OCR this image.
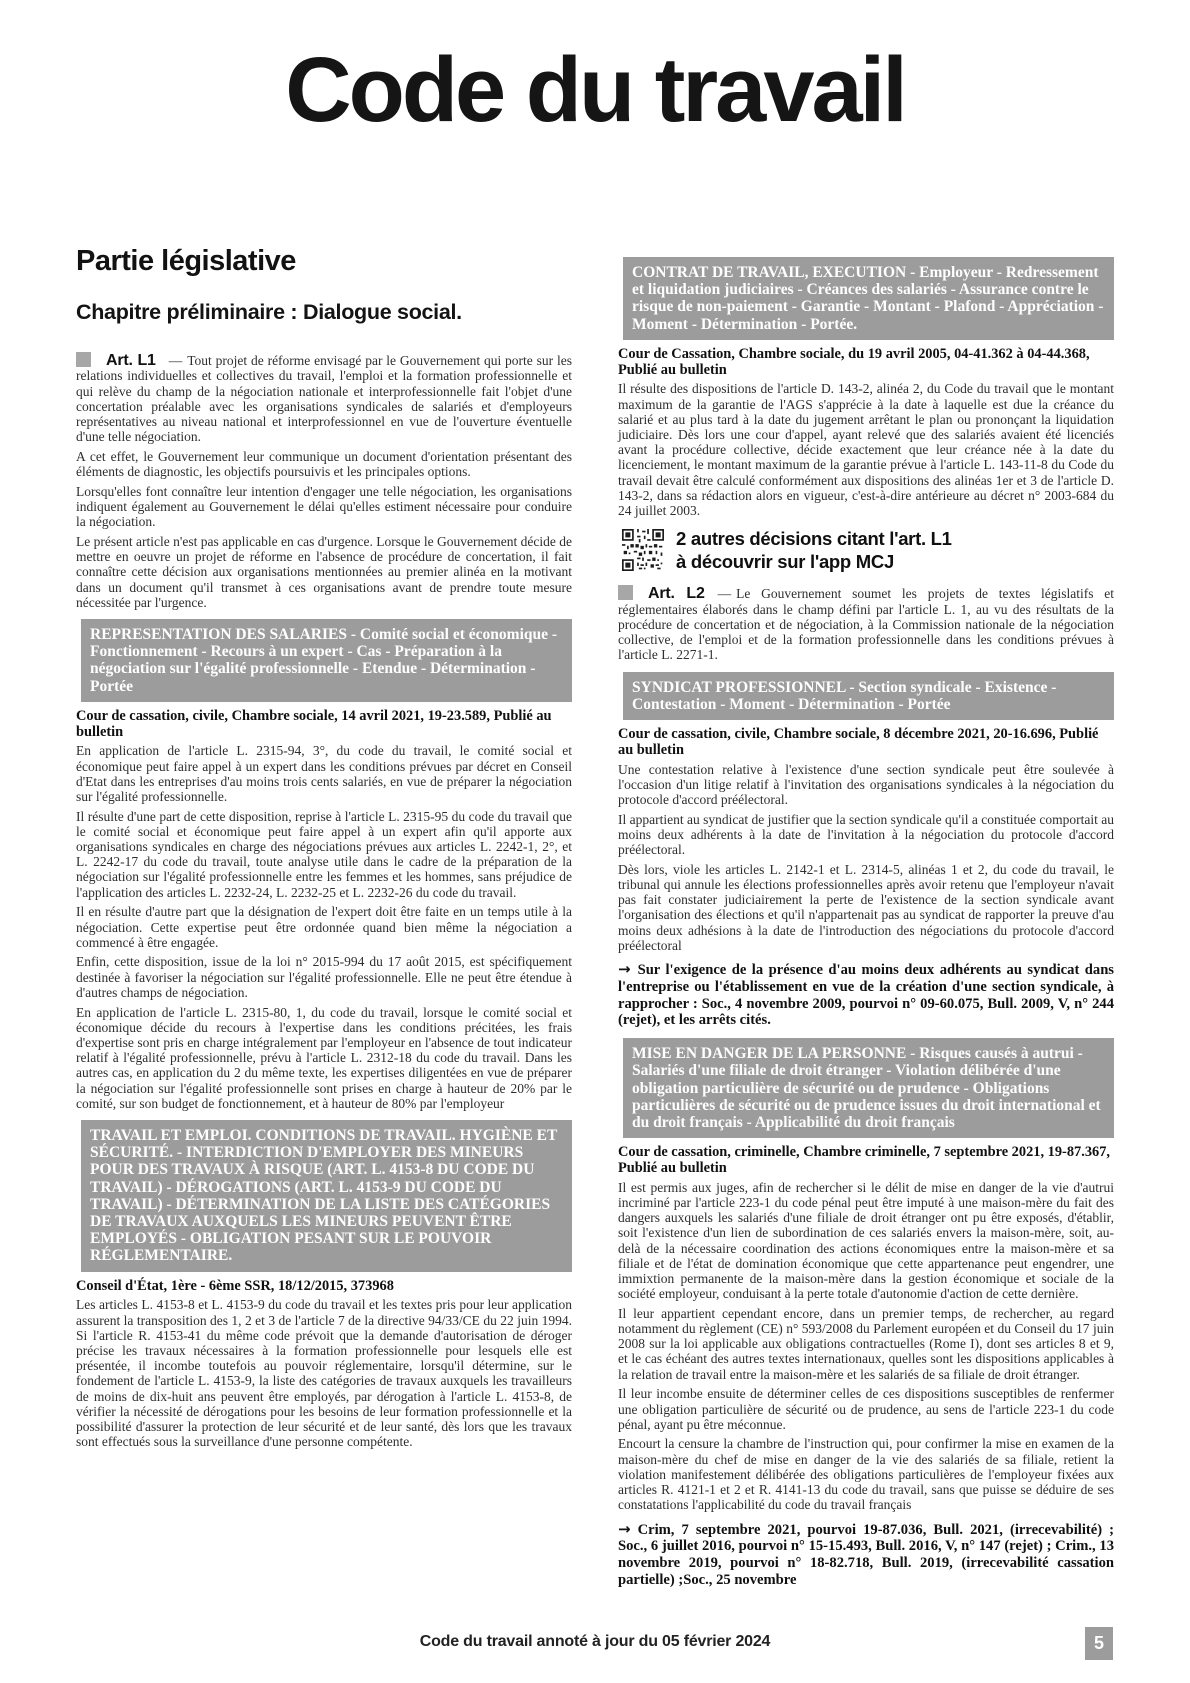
Code du travail
Partie législative
Chapitre préliminaire : Dialogue social.

Art. L1 — Tout projet de réforme envisagé par le Gouvernement qui porte sur les relations individuelles et collectives du travail, l'emploi et la formation professionnelle et qui relève du champ de la négociation nationale et interprofessionnelle fait l'objet d'une concertation préalable avec les organisations syndicales de salariés et d'employeurs représentatives au niveau national et interprofessionnel en vue de l'ouverture éventuelle d'une telle négociation.

A cet effet, le Gouvernement leur communique un document d'orientation présentant des éléments de diagnostic, les objectifs poursuivis et les principales options.

Lorsqu'elles font connaître leur intention d'engager une telle négociation, les organisations indiquent également au Gouvernement le délai qu'elles estiment nécessaire pour conduire la négociation.

Le présent article n'est pas applicable en cas d'urgence. Lorsque le Gouvernement décide de mettre en oeuvre un projet de réforme en l'absence de procédure de concertation, il fait connaître cette décision aux organisations mentionnées au premier alinéa en la motivant dans un document qu'il transmet à ces organisations avant de prendre toute mesure nécessitée par l'urgence.

REPRESENTATION DES SALARIES - Comité social et économique - Fonctionnement - Recours à un expert - Cas - Préparation à la négociation sur l'égalité professionnelle - Etendue - Détermination - Portée

Cour de cassation, civile, Chambre sociale, 14 avril 2021, 19-23.589, Publié au bulletin

En application de l'article L. 2315-94, 3°, du code du travail, le comité social et économique peut faire appel à un expert dans les conditions prévues par décret en Conseil d'Etat dans les entreprises d'au moins trois cents salariés, en vue de préparer la négociation sur l'égalité professionnelle.

Il résulte d'une part de cette disposition, reprise à l'article L. 2315-95 du code du travail que le comité social et économique peut faire appel à un expert afin qu'il apporte aux organisations syndicales en charge des négociations prévues aux articles L. 2242-1, 2°, et L. 2242-17 du code du travail, toute analyse utile dans le cadre de la préparation de la négociation sur l'égalité professionnelle entre les femmes et les hommes, sans préjudice de l'application des articles L. 2232-24, L. 2232-25 et L. 2232-26 du code du travail.

Il en résulte d'autre part que la désignation de l'expert doit être faite en un temps utile à la négociation. Cette expertise peut être ordonnée quand bien même la négociation a commencé à être engagée.

Enfin, cette disposition, issue de la loi n° 2015-994 du 17 août 2015, est spécifiquement destinée à favoriser la négociation sur l'égalité professionnelle. Elle ne peut être étendue à d'autres champs de négociation.

En application de l'article L. 2315-80, 1, du code du travail, lorsque le comité social et économique décide du recours à l'expertise dans les conditions précitées, les frais d'expertise sont pris en charge intégralement par l'employeur en l'absence de tout indicateur relatif à l'égalité professionnelle, prévu à l'article L. 2312-18 du code du travail. Dans les autres cas, en application du 2 du même texte, les expertises diligentées en vue de préparer la négociation sur l'égalité professionnelle sont prises en charge à hauteur de 20% par le comité, sur son budget de fonctionnement, et à hauteur de 80% par l'employeur

TRAVAIL ET EMPLOI. CONDITIONS DE TRAVAIL. HYGIÈNE ET SÉCURITÉ. - INTERDICTION D'EMPLOYER DES MINEURS POUR DES TRAVAUX À RISQUE (ART. L. 4153-8 DU CODE DU TRAVAIL) - DÉROGATIONS (ART. L. 4153-9 DU CODE DU TRAVAIL) - DÉTERMINATION DE LA LISTE DES CATÉGORIES DE TRAVAUX AUXQUELS LES MINEURS PEUVENT ÊTRE EMPLOYÉS - OBLIGATION PESANT SUR LE POUVOIR RÉGLEMENTAIRE.

Conseil d'État, 1ère - 6ème SSR, 18/12/2015, 373968

Les articles L. 4153-8 et L. 4153-9 du code du travail et les textes pris pour leur application assurent la transposition des 1, 2 et 3 de l'article 7 de la directive 94/33/CE du 22 juin 1994. Si l'article R. 4153-41 du même code prévoit que la demande d'autorisation de déroger précise les travaux nécessaires à la formation professionnelle pour lesquels elle est présentée, il incombe toutefois au pouvoir réglementaire, lorsqu'il détermine, sur le fondement de l'article L. 4153-9, la liste des catégories de travaux auxquels les travailleurs de moins de dix-huit ans peuvent être employés, par dérogation à l'article L. 4153-8, de vérifier la nécessité de dérogations pour les besoins de leur formation professionnelle et la possibilité d'assurer la protection de leur sécurité et de leur santé, dès lors que les travaux sont effectués sous la surveillance d'une personne compétente.

CONTRAT DE TRAVAIL, EXECUTION - Employeur - Redressement et liquidation judiciaires - Créances des salariés - Assurance contre le risque de non-paiement - Garantie - Montant - Plafond - Appréciation - Moment - Détermination - Portée.

Cour de Cassation, Chambre sociale, du 19 avril 2005, 04-41.362 à 04-44.368, Publié au bulletin

Il résulte des dispositions de l'article D. 143-2, alinéa 2, du Code du travail que le montant maximum de la garantie de l'AGS s'apprécie à la date à laquelle est due la créance du salarié et au plus tard à la date du jugement arrêtant le plan ou prononçant la liquidation judiciaire. Dès lors une cour d'appel, ayant relevé que des salariés avaient été licenciés avant la procédure collective, décide exactement que leur créance née à la date du licenciement, le montant maximum de la garantie prévue à l'article L. 143-11-8 du Code du travail devait être calculé conformément aux dispositions des alinéas 1er et 3 de l'article D. 143-2, dans sa rédaction alors en vigueur, c'est-à-dire antérieure au décret n° 2003-684 du 24 juillet 2003.

2 autres décisions citant l'art. L1
à découvrir sur l'app MCJ

Art. L2 — Le Gouvernement soumet les projets de textes législatifs et réglementaires élaborés dans le champ défini par l'article L. 1, au vu des résultats de la procédure de concertation et de négociation, à la Commission nationale de la négociation collective, de l'emploi et de la formation professionnelle dans les conditions prévues à l'article L. 2271-1.

SYNDICAT PROFESSIONNEL - Section syndicale - Existence - Contestation - Moment - Détermination - Portée

Cour de cassation, civile, Chambre sociale, 8 décembre 2021, 20-16.696, Publié au bulletin

Une contestation relative à l'existence d'une section syndicale peut être soulevée à l'occasion d'un litige relatif à l'invitation des organisations syndicales à la négociation du protocole d'accord préélectoral.

Il appartient au syndicat de justifier que la section syndicale qu'il a constituée comportait au moins deux adhérents à la date de l'invitation à la négociation du protocole d'accord préélectoral.

Dès lors, viole les articles L. 2142-1 et L. 2314-5, alinéas 1 et 2, du code du travail, le tribunal qui annule les élections professionnelles après avoir retenu que l'employeur n'avait pas fait constater judiciairement la perte de l'existence de la section syndicale avant l'organisation des élections et qu'il n'appartenait pas au syndicat de rapporter la preuve d'au moins deux adhésions à la date de l'introduction des négociations du protocole d'accord préélectoral

→ Sur l'exigence de la présence d'au moins deux adhérents au syndicat dans l'entreprise ou l'établissement en vue de la création d'une section syndicale, à rapprocher : Soc., 4 novembre 2009, pourvoi n° 09-60.075, Bull. 2009, V, n° 244 (rejet), et les arrêts cités.

MISE EN DANGER DE LA PERSONNE - Risques causés à autrui - Salariés d'une filiale de droit étranger - Violation délibérée d'une obligation particulière de sécurité ou de prudence - Obligations particulières de sécurité ou de prudence issues du droit international et du droit français - Applicabilité du droit français

Cour de cassation, criminelle, Chambre criminelle, 7 septembre 2021, 19-87.367, Publié au bulletin

Il est permis aux juges, afin de rechercher si le délit de mise en danger de la vie d'autrui incriminé par l'article 223-1 du code pénal peut être imputé à une maison-mère du fait des dangers auxquels les salariés d'une filiale de droit étranger ont pu être exposés, d'établir, soit l'existence d'un lien de subordination de ces salariés envers la maison-mère, soit, au-delà de la nécessaire coordination des actions économiques entre la maison-mère et sa filiale et de l'état de domination économique que cette appartenance peut engendrer, une immixtion permanente de la maison-mère dans la gestion économique et sociale de la société employeur, conduisant à la perte totale d'autonomie d'action de cette dernière.

Il leur appartient cependant encore, dans un premier temps, de rechercher, au regard notamment du règlement (CE) n° 593/2008 du Parlement européen et du Conseil du 17 juin 2008 sur la loi applicable aux obligations contractuelles (Rome I), dont ses articles 8 et 9, et le cas échéant des autres textes internationaux, quelles sont les dispositions applicables à la relation de travail entre la maison-mère et les salariés de sa filiale de droit étranger.

Il leur incombe ensuite de déterminer celles de ces dispositions susceptibles de renfermer une obligation particulière de sécurité ou de prudence, au sens de l'article 223-1 du code pénal, ayant pu être méconnue.

Encourt la censure la chambre de l'instruction qui, pour confirmer la mise en examen de la maison-mère du chef de mise en danger de la vie des salariés de sa filiale, retient la violation manifestement délibérée des obligations particulières de l'employeur fixées aux articles R. 4121-1 et 2 et R. 4141-13 du code du travail, sans que puisse se déduire de ses constatations l'applicabilité du code du travail français

→ Crim, 7 septembre 2021, pourvoi 19-87.036, Bull. 2021, (irrecevabilité) ; Soc., 6 juillet 2016, pourvoi n° 15-15.493, Bull. 2016, V, n° 147 (rejet) ; Crim., 13 novembre 2019, pourvoi n° 18-82.718, Bull. 2019, (irrecevabilité cassation partielle) ;Soc., 25 novembre

Code du travail annoté à jour du 05 février 2024	5
